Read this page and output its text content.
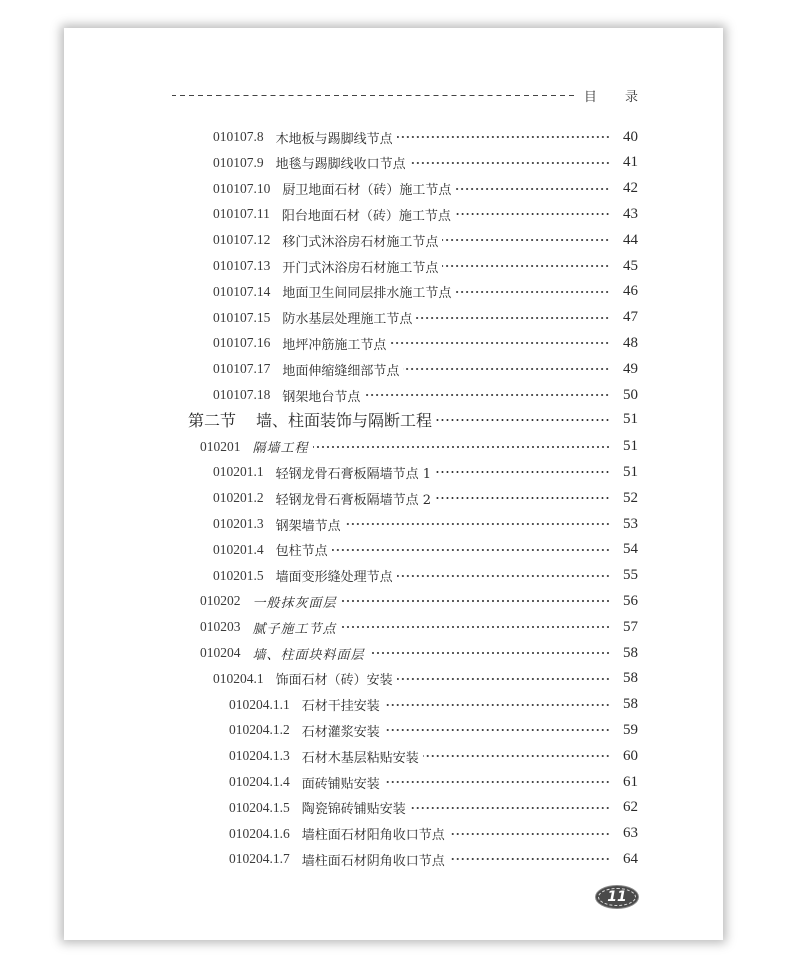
目 录
010107.8 木地板与踢脚线节点	40
010107.9 地毯与踢脚线收口节点	41
010107.10 厨卫地面石材（砖）施工节点	42
010107.11 阳台地面石材（砖）施工节点	43
010107.12 移门式沐浴房石材施工节点	44
010107.13 开门式沐浴房石材施工节点	45
010107.14 地面卫生间同层排水施工节点	46
010107.15 防水基层处理施工节点	47
010107.16 地坪冲筋施工节点	48
010107.17 地面伸缩缝细部节点	49
010107.18 钢架地台节点	50
第二节 墙、柱面装饰与隔断工程	51
010201 隔墙工程	51
010201.1 轻钢龙骨石膏板隔墙节点 1	51
010201.2 轻钢龙骨石膏板隔墙节点 2	52
010201.3 钢架墙节点	53
010201.4 包柱节点	54
010201.5 墙面变形缝处理节点	55
010202 一般抹灰面层	56
010203 腻子施工节点	57
010204 墙、柱面块料面层	58
010204.1 饰面石材（砖）安装	58
010204.1.1 石材干挂安装	58
010204.1.2 石材灌浆安装	59
010204.1.3 石材木基层粘贴安装	60
010204.1.4 面砖铺贴安装	61
010204.1.5 陶瓷锦砖铺贴安装	62
010204.1.6 墙柱面石材阳角收口节点	63
010204.1.7 墙柱面石材阴角收口节点	64
11
